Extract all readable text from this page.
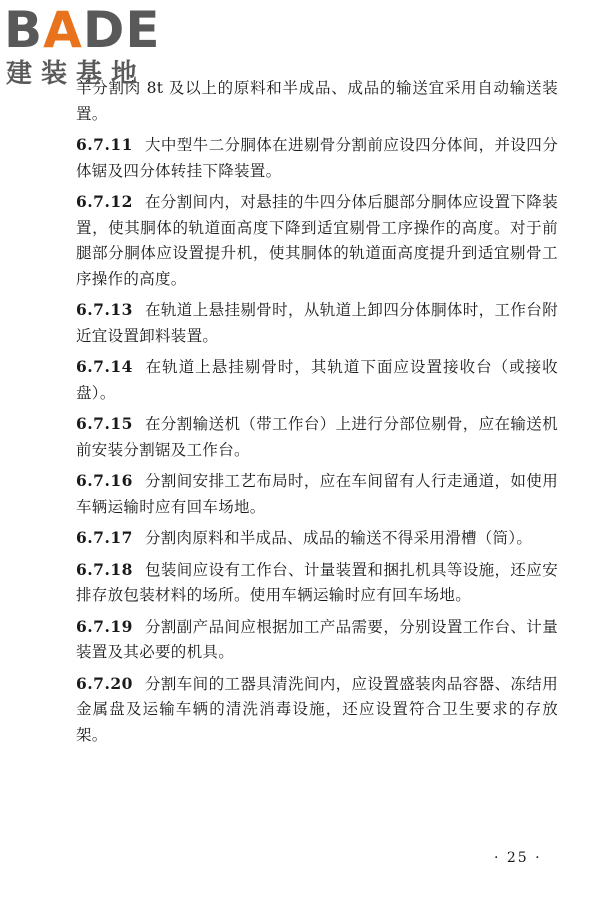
BADE
建装基地

羊分割肉 8t 及以上的原料和半成品、成品的输送宜采用自动输送装置。

6.7.11 大中型牛二分胴体在进剔骨分割前应设四分体间，并设四分体锯及四分体转挂下降装置。

6.7.12 在分割间内，对悬挂的牛四分体后腿部分胴体应设置下降装置，使其胴体的轨道面高度下降到适宜剔骨工序操作的高度。对于前腿部分胴体应设置提升机，使其胴体的轨道面高度提升到适宜剔骨工序操作的高度。

6.7.13 在轨道上悬挂剔骨时，从轨道上卸四分体胴体时，工作台附近宜设置卸料装置。

6.7.14 在轨道上悬挂剔骨时，其轨道下面应设置接收台（或接收盘）。

6.7.15 在分割输送机（带工作台）上进行分部位剔骨，应在输送机前安装分割锯及工作台。

6.7.16 分割间安排工艺布局时，应在车间留有人行走通道，如使用车辆运输时应有回车场地。

6.7.17 分割肉原料和半成品、成品的输送不得采用滑槽（筒）。

6.7.18 包装间应设有工作台、计量装置和捆扎机具等设施，还应安排存放包装材料的场所。使用车辆运输时应有回车场地。

6.7.19 分割副产品间应根据加工产品需要，分别设置工作台、计量装置及其必要的机具。

6.7.20 分割车间的工器具清洗间内，应设置盛装肉品容器、冻结用金属盘及运输车辆的清洗消毒设施，还应设置符合卫生要求的存放架。

· 25 ·
